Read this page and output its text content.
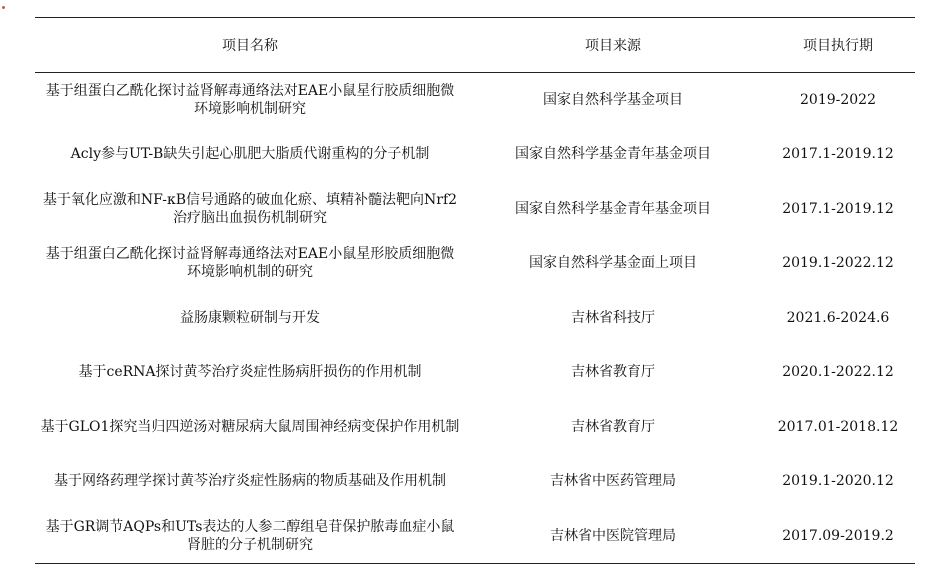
项目名称	项目来源	项目执行期
基于组蛋白乙酰化探讨益肾解毒通络法对EAE小鼠星行胶质细胞微环境影响机制研究	国家自然科学基金项目	2019-2022
Acly参与UT-B缺失引起心肌肥大脂质代谢重构的分子机制	国家自然科学基金青年基金项目	2017.1-2019.12
基于氧化应激和NF-κB信号通路的破血化瘀、填精补髓法靶向Nrf2治疗脑出血损伤机制研究	国家自然科学基金青年基金项目	2017.1-2019.12
基于组蛋白乙酰化探讨益肾解毒通络法对EAE小鼠星形胶质细胞微环境影响机制的研究	国家自然科学基金面上项目	2019.1-2022.12
益肠康颗粒研制与开发	吉林省科技厅	2021.6-2024.6
基于ceRNA探讨黄芩治疗炎症性肠病肝损伤的作用机制	吉林省教育厅	2020.1-2022.12
基于GLO1探究当归四逆汤对糖尿病大鼠周围神经病变保护作用机制	吉林省教育厅	2017.01-2018.12
基于网络药理学探讨黄芩治疗炎症性肠病的物质基础及作用机制	吉林省中医药管理局	2019.1-2020.12
基于GR调节AQPs和UTs表达的人参二醇组皂苷保护脓毒血症小鼠肾脏的分子机制研究	吉林省中医院管理局	2017.09-2019.2
